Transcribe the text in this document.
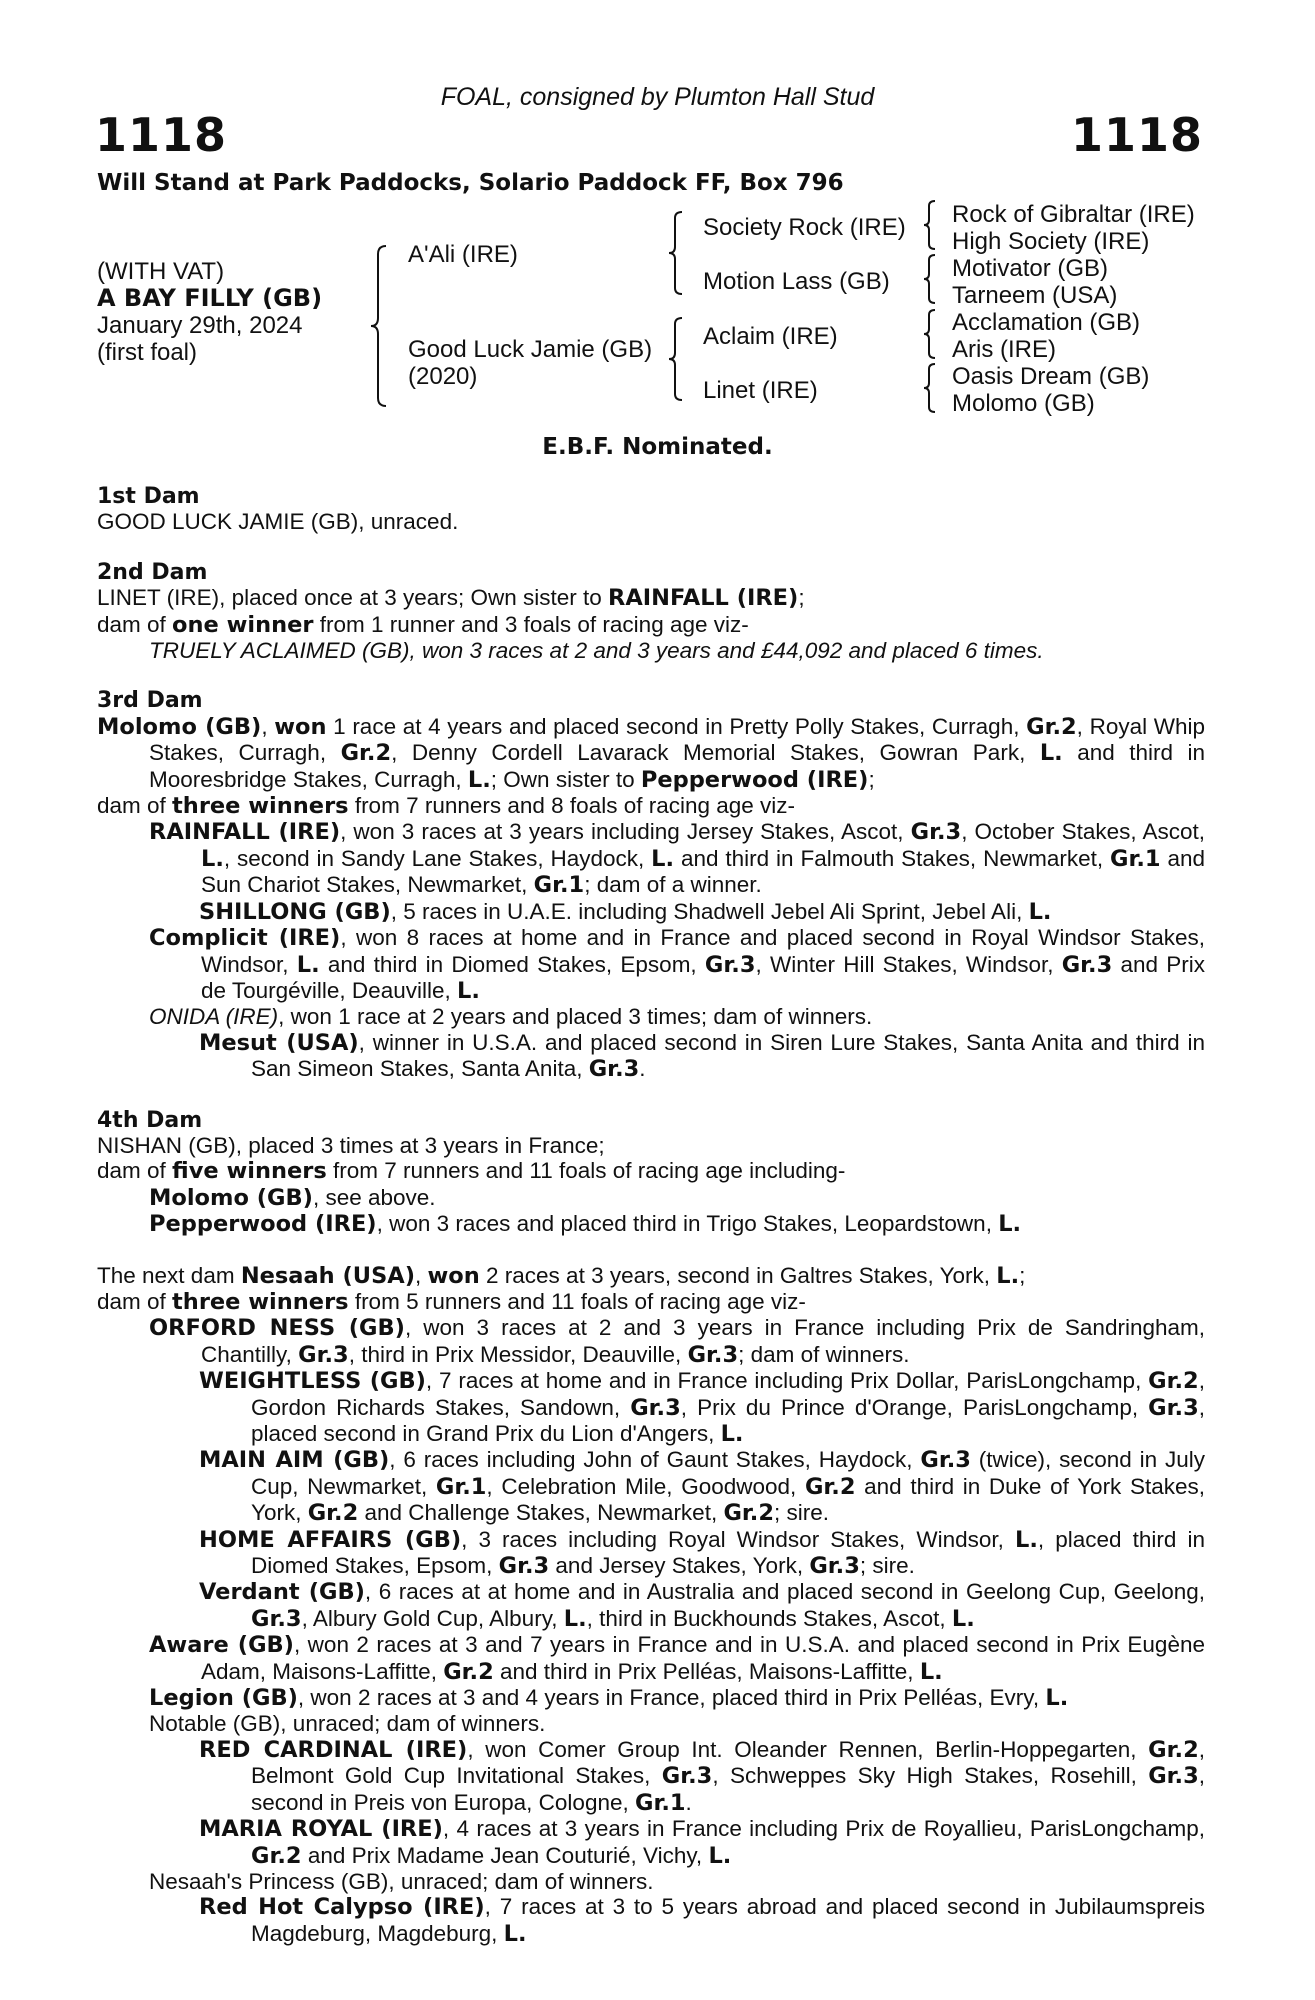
FOAL, consigned by Plumton Hall Stud
1118	1118
Will Stand at Park Paddocks, Solario Paddock FF, Box 796
(WITH VAT)
A BAY FILLY (GB)
January 29th, 2024
(first foal)
A'Ali (IRE)
Good Luck Jamie (GB)
(2020)
Society Rock (IRE)
Motion Lass (GB)
Aclaim (IRE)
Linet (IRE)
Rock of Gibraltar (IRE)
High Society (IRE)
Motivator (GB)
Tarneem (USA)
Acclamation (GB)
Aris (IRE)
Oasis Dream (GB)
Molomo (GB)
E.B.F. Nominated.

1st Dam

GOOD LUCK JAMIE (GB), unraced.

2nd Dam

LINET (IRE), placed once at 3 years; Own sister to RAINFALL (IRE);

dam of one winner from 1 runner and 3 foals of racing age viz-

TRUELY ACLAIMED (GB), won 3 races at 2 and 3 years and £44,092 and placed 6 times.

3rd Dam

Molomo (GB), won 1 race at 4 years and placed second in Pretty Polly Stakes, Curragh, Gr.2, Royal Whip Stakes, Curragh, Gr.2, Denny Cordell Lavarack Memorial Stakes, Gowran Park, L. and third in Mooresbridge Stakes, Curragh, L.; Own sister to Pepperwood (IRE);

dam of three winners from 7 runners and 8 foals of racing age viz-

RAINFALL (IRE), won 3 races at 3 years including Jersey Stakes, Ascot, Gr.3, October Stakes, Ascot, L., second in Sandy Lane Stakes, Haydock, L. and third in Falmouth Stakes, Newmarket, Gr.1 and Sun Chariot Stakes, Newmarket, Gr.1; dam of a winner.

SHILLONG (GB), 5 races in U.A.E. including Shadwell Jebel Ali Sprint, Jebel Ali, L.

Complicit (IRE), won 8 races at home and in France and placed second in Royal Windsor Stakes, Windsor, L. and third in Diomed Stakes, Epsom, Gr.3, Winter Hill Stakes, Windsor, Gr.3 and Prix de Tourgéville, Deauville, L.

ONIDA (IRE), won 1 race at 2 years and placed 3 times; dam of winners.

Mesut (USA), winner in U.S.A. and placed second in Siren Lure Stakes, Santa Anita and third in San Simeon Stakes, Santa Anita, Gr.3.

4th Dam

NISHAN (GB), placed 3 times at 3 years in France;

dam of five winners from 7 runners and 11 foals of racing age including-

Molomo (GB), see above.

Pepperwood (IRE), won 3 races and placed third in Trigo Stakes, Leopardstown, L.

The next dam Nesaah (USA), won 2 races at 3 years, second in Galtres Stakes, York, L.;

dam of three winners from 5 runners and 11 foals of racing age viz-

ORFORD NESS (GB), won 3 races at 2 and 3 years in France including Prix de Sandringham, Chantilly, Gr.3, third in Prix Messidor, Deauville, Gr.3; dam of winners.

WEIGHTLESS (GB), 7 races at home and in France including Prix Dollar, ParisLongchamp, Gr.2, Gordon Richards Stakes, Sandown, Gr.3, Prix du Prince d'Orange, ParisLongchamp, Gr.3, placed second in Grand Prix du Lion d'Angers, L.

MAIN AIM (GB), 6 races including John of Gaunt Stakes, Haydock, Gr.3 (twice), second in July Cup, Newmarket, Gr.1, Celebration Mile, Goodwood, Gr.2 and third in Duke of York Stakes, York, Gr.2 and Challenge Stakes, Newmarket, Gr.2; sire.

HOME AFFAIRS (GB), 3 races including Royal Windsor Stakes, Windsor, L., placed third in Diomed Stakes, Epsom, Gr.3 and Jersey Stakes, York, Gr.3; sire.

Verdant (GB), 6 races at at home and in Australia and placed second in Geelong Cup, Geelong, Gr.3, Albury Gold Cup, Albury, L., third in Buckhounds Stakes, Ascot, L.

Aware (GB), won 2 races at 3 and 7 years in France and in U.S.A. and placed second in Prix Eugène Adam, Maisons-Laffitte, Gr.2 and third in Prix Pelléas, Maisons-Laffitte, L.

Legion (GB), won 2 races at 3 and 4 years in France, placed third in Prix Pelléas, Evry, L.

Notable (GB), unraced; dam of winners.

RED CARDINAL (IRE), won Comer Group Int. Oleander Rennen, Berlin-Hoppegarten, Gr.2, Belmont Gold Cup Invitational Stakes, Gr.3, Schweppes Sky High Stakes, Rosehill, Gr.3, second in Preis von Europa, Cologne, Gr.1.

MARIA ROYAL (IRE), 4 races at 3 years in France including Prix de Royallieu, ParisLongchamp, Gr.2 and Prix Madame Jean Couturié, Vichy, L.

Nesaah's Princess (GB), unraced; dam of winners.

Red Hot Calypso (IRE), 7 races at 3 to 5 years abroad and placed second in Jubilaumspreis Magdeburg, Magdeburg, L.
